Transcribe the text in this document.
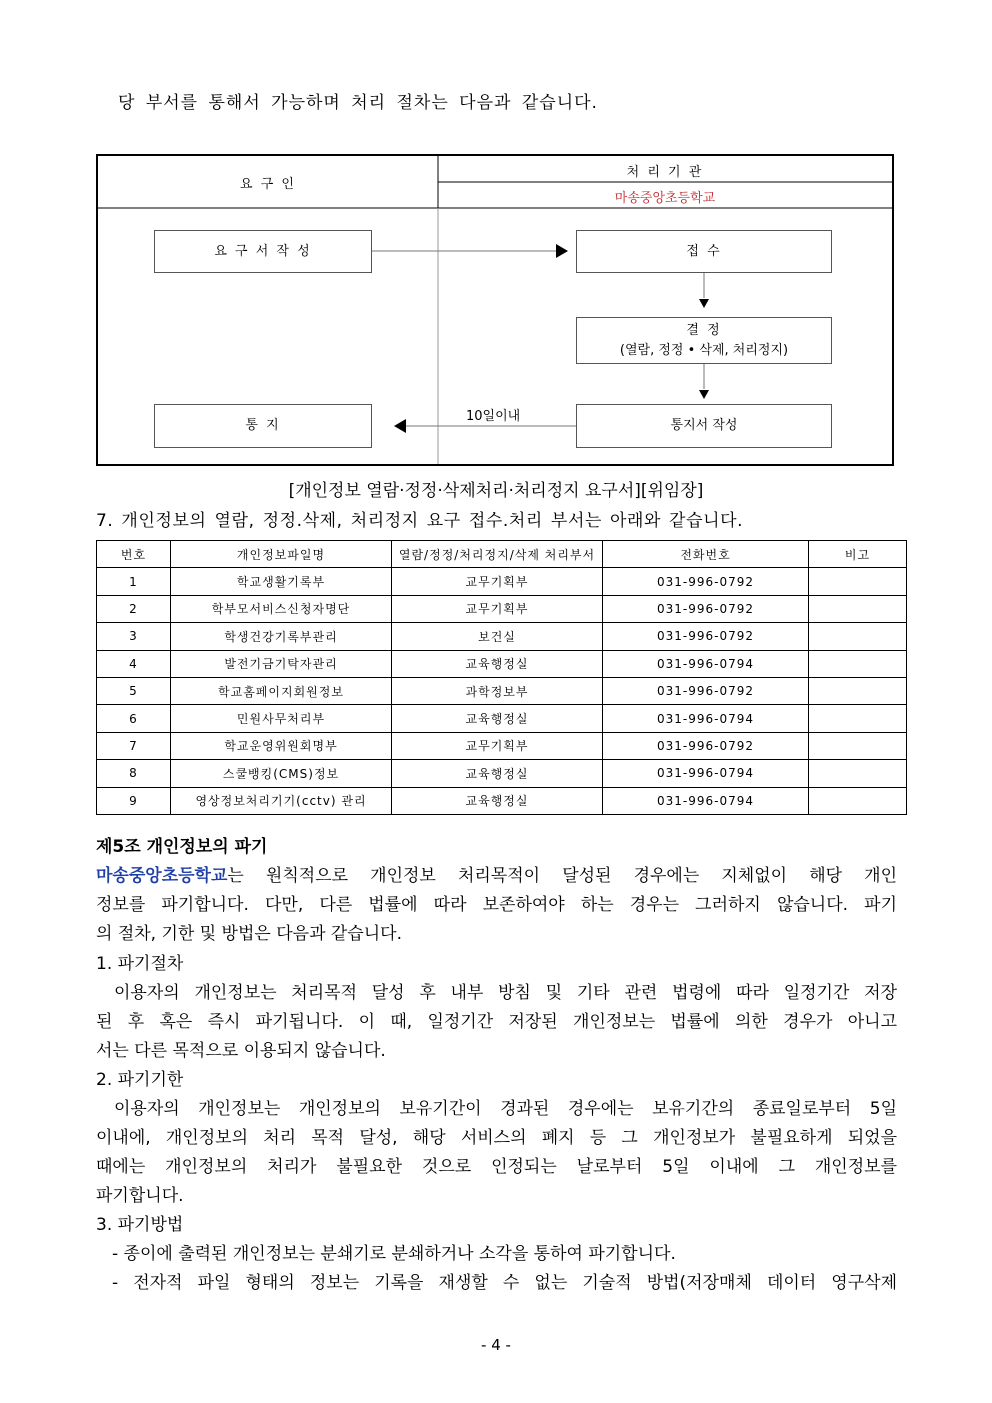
당 부서를 통해서 가능하며 처리 절차는 다음과 같습니다.
요 구 인
처 리 기 관
마송중앙초등학교
요 구 서 작 성	접 수
결 정
(열람, 정정 • 삭제, 처리정지)
통 지	통지서 작성
10일이내
[개인정보 열람·정정·삭제처리·처리정지 요구서][위임장]
7. 개인정보의 열람, 정정.삭제, 처리정지 요구 접수.처리 부서는 아래와 같습니다.
번호	개인정보파일명	열람/정정/처리정지/삭제 처리부서	전화번호	비고
1	학교생활기록부	교무기획부	031-996-0792	
2	학부모서비스신청자명단	교무기획부	031-996-0792	
3	학생건강기록부관리	보건실	031-996-0792	
4	발전기금기탁자관리	교육행정실	031-996-0794	
5	학교홈페이지회원정보	과학정보부	031-996-0792	
6	민원사무처리부	교육행정실	031-996-0794	
7	학교운영위원회명부	교무기획부	031-996-0792	
8	스쿨뱅킹(CMS)정보	교육행정실	031-996-0794	
9	영상정보처리기기(cctv) 관리	교육행정실	031-996-0794	
제5조 개인정보의 파기
마송중앙초등학교는 원칙적으로 개인정보 처리목적이 달성된 경우에는 지체없이 해당 개인
정보를 파기합니다. 다만, 다른 법률에 따라 보존하여야 하는 경우는 그러하지 않습니다. 파기
의 절차, 기한 및 방법은 다음과 같습니다.
1. 파기절차
이용자의 개인정보는 처리목적 달성 후 내부 방침 및 기타 관련 법령에 따라 일정기간 저장
된 후 혹은 즉시 파기됩니다. 이 때, 일정기간 저장된 개인정보는 법률에 의한 경우가 아니고
서는 다른 목적으로 이용되지 않습니다.
2. 파기기한
이용자의 개인정보는 개인정보의 보유기간이 경과된 경우에는 보유기간의 종료일로부터 5일
이내에, 개인정보의 처리 목적 달성, 해당 서비스의 폐지 등 그 개인정보가 불필요하게 되었을
때에는 개인정보의 처리가 불필요한 것으로 인정되는 날로부터 5일 이내에 그 개인정보를
파기합니다.
3. 파기방법
- 종이에 출력된 개인정보는 분쇄기로 분쇄하거나 소각을 통하여 파기합니다.
- 전자적 파일 형태의 정보는 기록을 재생할 수 없는 기술적 방법(저장매체 데이터 영구삭제
- 4 -
